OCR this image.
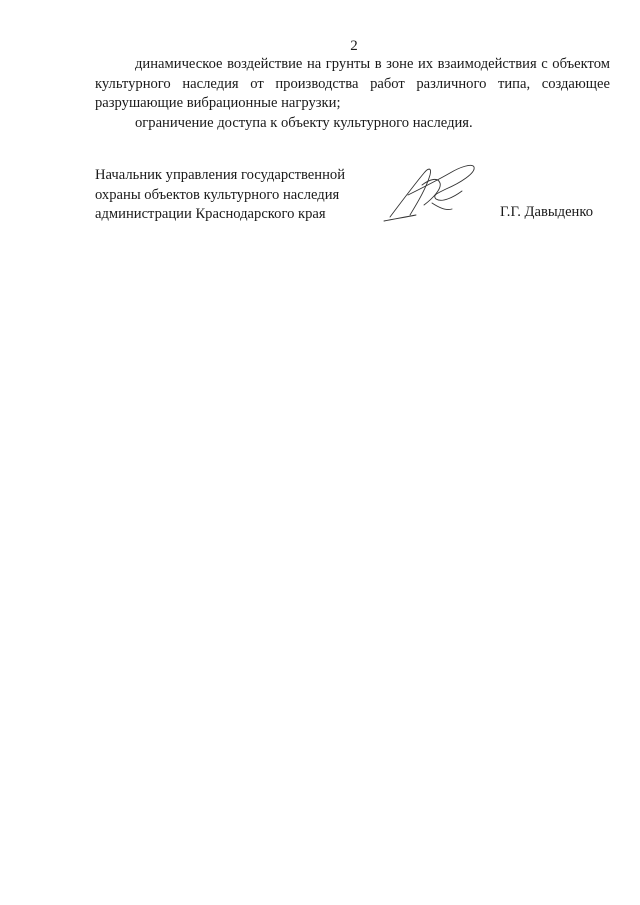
2

динамическое воздействие на грунты в зоне их взаимодействия с объектом культурного наследия от производства работ различного типа, создающее разрушающие вибрационные нагрузки;

ограничение доступа к объекту культурного наследия.

Начальник управления государственной
охраны объектов культурного наследия
администрации Краснодарского края	Г.Г. Давыденко
